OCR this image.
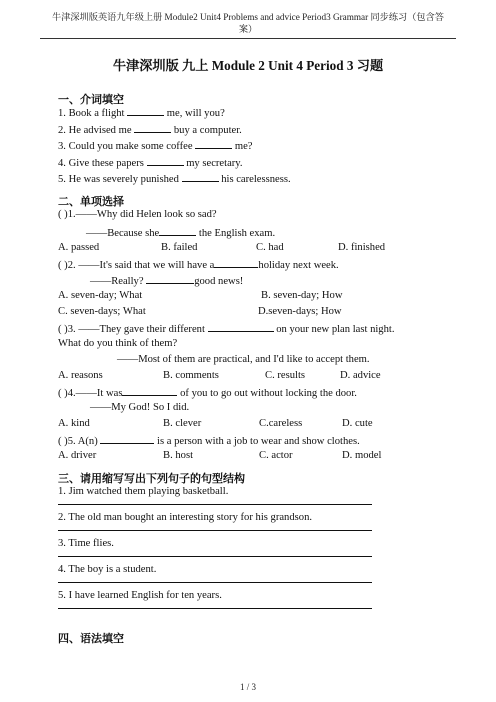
牛津深圳版英语九年级上册 Module2 Unit4 Problems and advice Period3 Grammar 同步练习（包含答
案）
牛津深圳版 九上 Module 2 Unit 4 Period 3 习题
一、介词填空
1. Book a flight	me, will you?
2. He advised me	buy a computer.
3. Could you make some coffee	me?
4. Give these papers	my secretary.
5. He was severely punished	his carelessness.
二、单项选择
( )1.——Why did Helen look so sad?
——Because she	the English exam.
A. passed	B. failed	C. had	D. finished
( )2. ——It's said that we will have a	holiday next week.
——Really?	good news!
A. seven-day; What	B. seven-day; How
C. seven-days; What	D.seven-days; How
( )3. ——They gave their different	on your new plan last night.
What do you think of them?
——Most of them are practical, and I'd like to accept them.
A. reasons	B. comments	C. results	D. advice
( )4.——It was	of you to go out without locking the door.
——My God! So I did.
A. kind	B. clever	C.careless	D. cute
( )5. A(n)	is a person with a job to wear and show clothes.
A. driver	B. host	C. actor	D. model
三、请用缩写写出下列句子的句型结构
1. Jim watched them playing basketball.
2. The old man bought an interesting story for his grandson.
3. Time flies.
4. The boy is a student.
5. I have learned English for ten years.
四、语法填空
1 / 3
